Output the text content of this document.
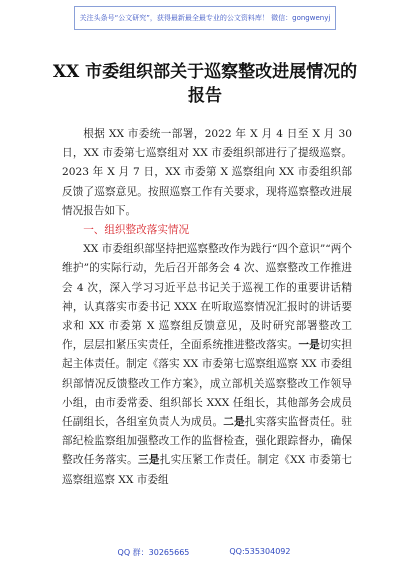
关注头条号“公文研究”，获得最新最全最专业的公文资料库！ 微信：gongwenyj
XX 市委组织部关于巡察整改进展情况的报告

根据 XX 市委统一部署，2022 年 X 月 4 日至 X 月 30 日，XX 市委第七巡察组对 XX 市委组织部进行了提级巡察。2023 年 X 月 7 日，XX 市委第 X 巡察组向 XX 市委组织部反馈了巡察意见。按照巡察工作有关要求，现将巡察整改进展情况报告如下。

一、组织整改落实情况

XX 市委组织部坚持把巡察整改作为践行“四个意识”“两个维护”的实际行动，先后召开部务会 4 次、巡察整改工作推进会 4 次，深入学习习近平总书记关于巡视工作的重要讲话精神，认真落实市委书记 XXX 在听取巡察情况汇报时的讲话要求和 XX 市委第 X 巡察组反馈意见，及时研究部署整改工作，层层扣紧压实责任，全面系统推进整改落实。一是切实担起主体责任。制定《落实 XX 市委第七巡察组巡察 XX 市委组织部情况反馈整改工作方案》，成立部机关巡察整改工作领导小组，由市委常委、组织部长 XXX 任组长，其他部务会成员任副组长，各组室负责人为成员。二是扎实落实监督责任。驻部纪检监察组加强整改工作的监督检查，强化跟踪督办，确保整改任务落实。三是扎实压紧工作责任。制定《XX 市委第七巡察组巡察 XX 市委组

QQ 群：30265665	QQ:535304092
